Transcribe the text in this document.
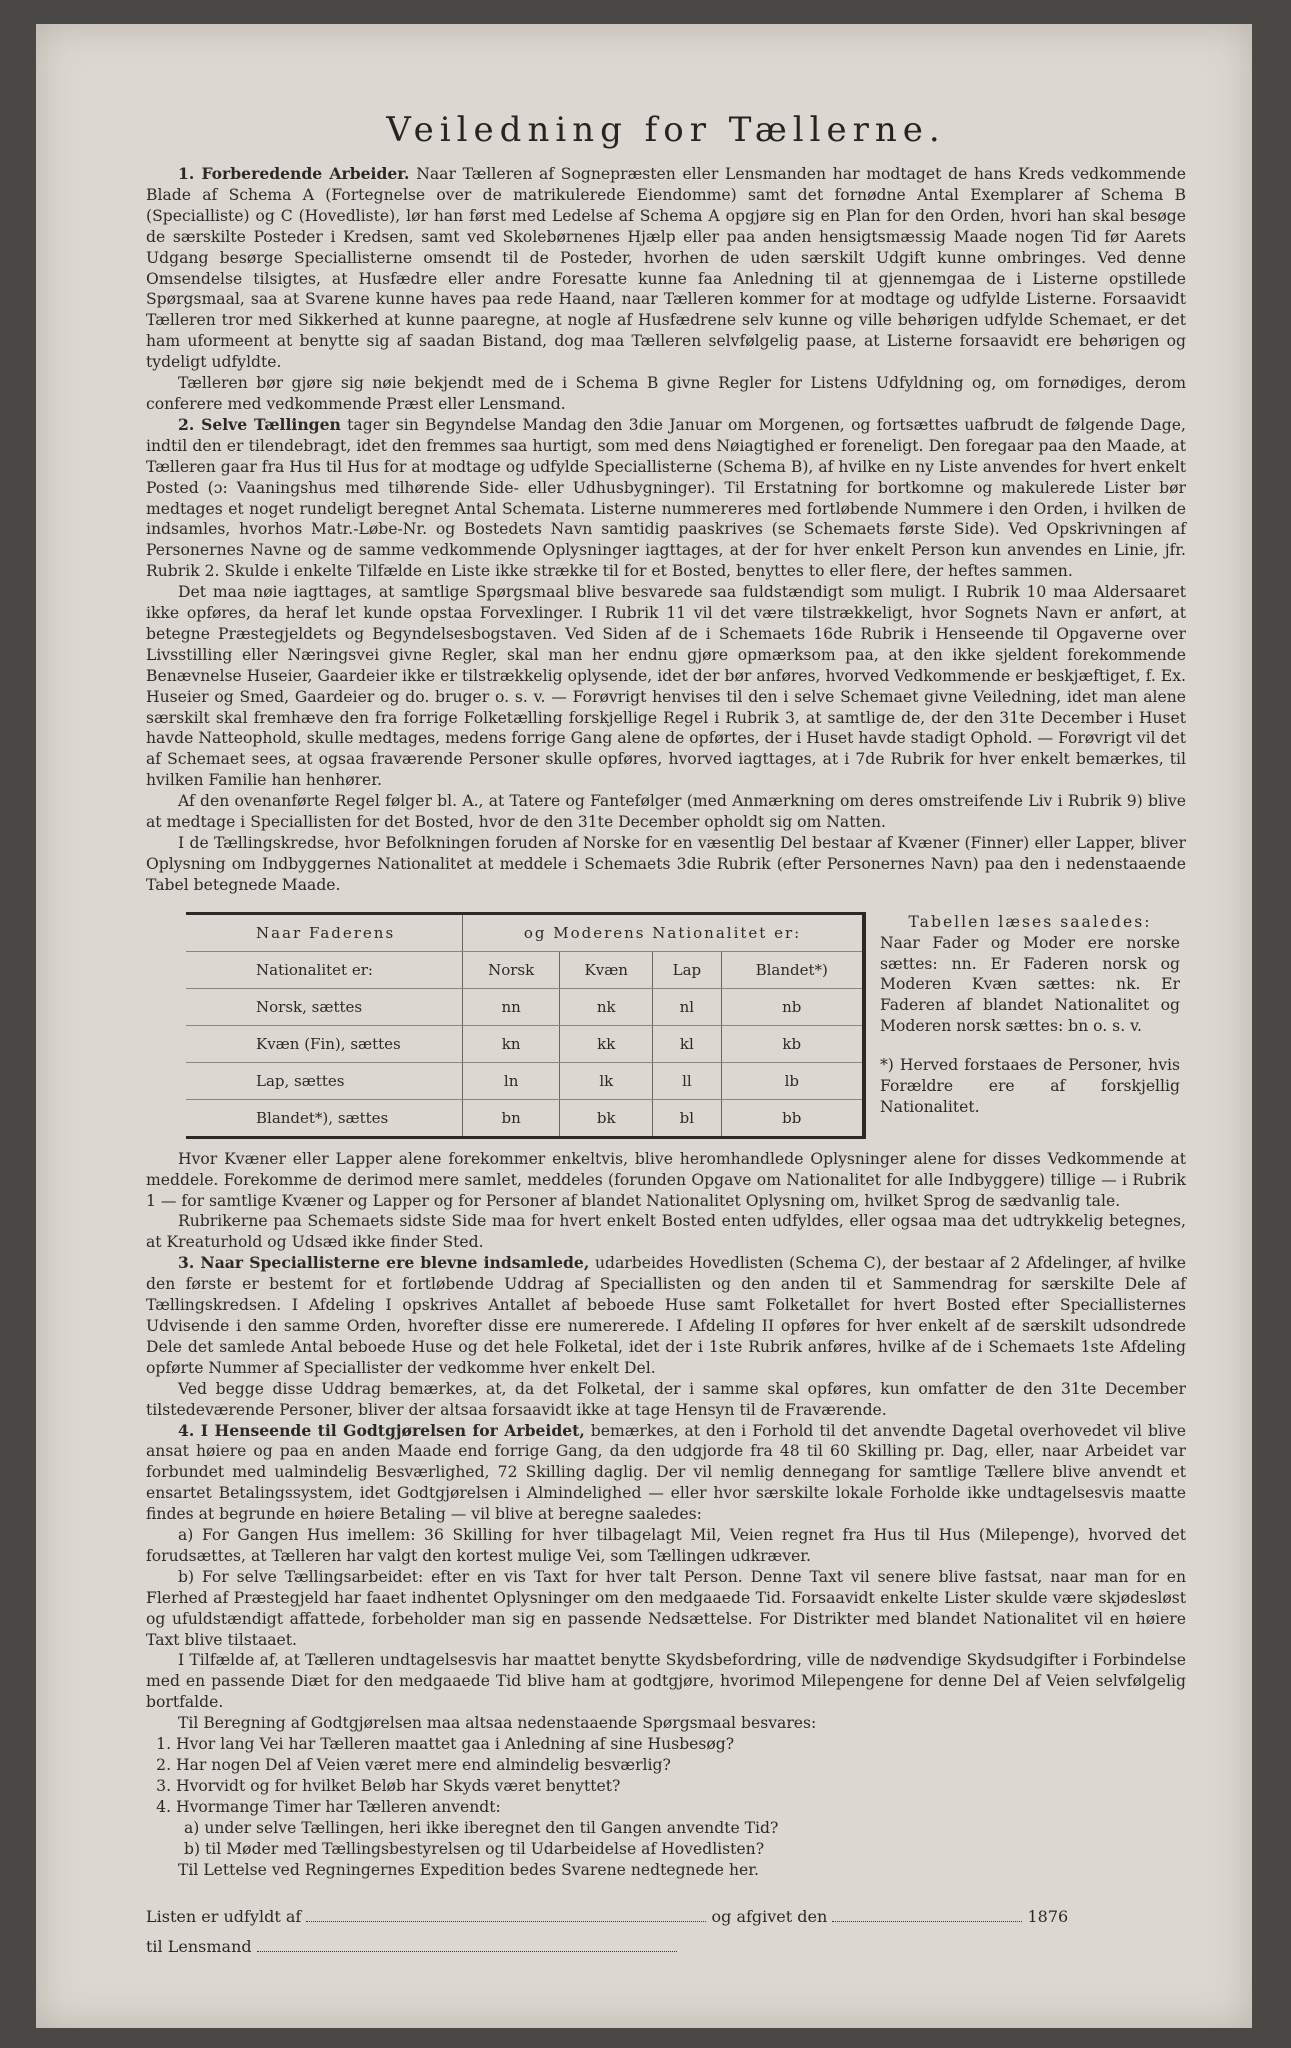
Veiledning for Tællerne.

1. Forberedende Arbeider. Naar Tælleren af Sognepræsten eller Lensmanden har modtaget de hans Kreds vedkommende Blade af Schema A (Fortegnelse over de matrikulerede Eiendomme) samt det fornødne Antal Exemplarer af Schema B (Specialliste) og C (Hovedliste), lør han først med Ledelse af Schema A opgjøre sig en Plan for den Orden, hvori han skal besøge de særskilte Posteder i Kredsen, samt ved Skolebørnenes Hjælp eller paa anden hensigtsmæssig Maade nogen Tid før Aarets Udgang besørge Speciallisterne omsendt til de Posteder, hvorhen de uden særskilt Udgift kunne ombringes. Ved denne Omsendelse tilsigtes, at Husfædre eller andre Foresatte kunne faa Anledning til at gjennemgaa de i Listerne opstillede Spørgsmaal, saa at Svarene kunne haves paa rede Haand, naar Tælleren kommer for at modtage og udfylde Listerne. Forsaavidt Tælleren tror med Sikkerhed at kunne paaregne, at nogle af Husfædrene selv kunne og ville behørigen udfylde Schemaet, er det ham uformeent at benytte sig af saadan Bistand, dog maa Tælleren selvfølgelig paase, at Listerne forsaavidt ere behørigen og tydeligt udfyldte.

Tælleren bør gjøre sig nøie bekjendt med de i Schema B givne Regler for Listens Udfyldning og, om fornødiges, derom conferere med vedkommende Præst eller Lensmand.

2. Selve Tællingen tager sin Begyndelse Mandag den 3die Januar om Morgenen, og fortsættes uafbrudt de følgende Dage, indtil den er tilendebragt, idet den fremmes saa hurtigt, som med dens Nøiagtighed er foreneligt. Den foregaar paa den Maade, at Tælleren gaar fra Hus til Hus for at modtage og udfylde Speciallisterne (Schema B), af hvilke en ny Liste anvendes for hvert enkelt Posted (ɔ: Vaaningshus med tilhørende Side- eller Udhusbygninger). Til Erstatning for bortkomne og makulerede Lister bør medtages et noget rundeligt beregnet Antal Schemata. Listerne nummereres med fortløbende Nummere i den Orden, i hvilken de indsamles, hvorhos Matr.-Løbe-Nr. og Bostedets Navn samtidig paaskrives (se Schemaets første Side). Ved Opskrivningen af Personernes Navne og de samme vedkommende Oplysninger iagttages, at der for hver enkelt Person kun anvendes en Linie, jfr. Rubrik 2. Skulde i enkelte Tilfælde en Liste ikke strække til for et Bosted, benyttes to eller flere, der heftes sammen.

Det maa nøie iagttages, at samtlige Spørgsmaal blive besvarede saa fuldstændigt som muligt. I Rubrik 10 maa Aldersaaret ikke opføres, da heraf let kunde opstaa Forvexlinger. I Rubrik 11 vil det være tilstrækkeligt, hvor Sognets Navn er anført, at betegne Præstegjeldets og Begyndelsesbogstaven. Ved Siden af de i Schemaets 16de Rubrik i Henseende til Opgaverne over Livsstilling eller Næringsvei givne Regler, skal man her endnu gjøre opmærksom paa, at den ikke sjeldent forekommende Benævnelse Huseier, Gaardeier ikke er tilstrækkelig oplysende, idet der bør anføres, hvorved Vedkommende er beskjæftiget, f. Ex. Huseier og Smed, Gaardeier og do. bruger o. s. v. — Forøvrigt henvises til den i selve Schemaet givne Veiledning, idet man alene særskilt skal fremhæve den fra forrige Folketælling forskjellige Regel i Rubrik 3, at samtlige de, der den 31te December i Huset havde Natteophold, skulle medtages, medens forrige Gang alene de opførtes, der i Huset havde stadigt Ophold. — Forøvrigt vil det af Schemaet sees, at ogsaa fraværende Personer skulle opføres, hvorved iagttages, at i 7de Rubrik for hver enkelt bemærkes, til hvilken Familie han henhører.

Af den ovenanførte Regel følger bl. A., at Tatere og Fantefølger (med Anmærkning om deres omstreifende Liv i Rubrik 9) blive at medtage i Speciallisten for det Bosted, hvor de den 31te December opholdt sig om Natten.

I de Tællingskredse, hvor Befolkningen foruden af Norske for en væsentlig Del bestaar af Kvæner (Finner) eller Lapper, bliver Oplysning om Indbyggernes Nationalitet at meddele i Schemaets 3die Rubrik (efter Personernes Navn) paa den i nedenstaaende Tabel betegnede Maade.

Naar Faderens	og Moderens Nationalitet er:			
Nationalitet er:	Norsk	Kvæn	Lap	Blandet*)
Norsk, sættes	nn	nk	nl	nb
Kvæn (Fin), sættes	kn	kk	kl	kb
Lap, sættes	ln	lk	ll	lb
Blandet*), sættes	bn	bk	bl	bb

Tabellen læses saaledes:

Naar Fader og Moder ere norske sættes: nn. Er Faderen norsk og Moderen Kvæn sættes: nk. Er Faderen af blandet Nationalitet og Moderen norsk sættes: bn o. s. v.

*) Herved forstaaes de Personer, hvis Forældre ere af forskjellig Nationalitet.

Hvor Kvæner eller Lapper alene forekommer enkeltvis, blive heromhandlede Oplysninger alene for disses Vedkommende at meddele. Forekomme de derimod mere samlet, meddeles (forunden Opgave om Nationalitet for alle Indbyggere) tillige — i Rubrik 1 — for samtlige Kvæner og Lapper og for Personer af blandet Nationalitet Oplysning om, hvilket Sprog de sædvanlig tale.

Rubrikerne paa Schemaets sidste Side maa for hvert enkelt Bosted enten udfyldes, eller ogsaa maa det udtrykkelig betegnes, at Kreaturhold og Udsæd ikke finder Sted.

3. Naar Speciallisterne ere blevne indsamlede, udarbeides Hovedlisten (Schema C), der bestaar af 2 Afdelinger, af hvilke den første er bestemt for et fortløbende Uddrag af Speciallisten og den anden til et Sammendrag for særskilte Dele af Tællingskredsen. I Afdeling I opskrives Antallet af beboede Huse samt Folketallet for hvert Bosted efter Speciallisternes Udvisende i den samme Orden, hvorefter disse ere numererede. I Afdeling II opføres for hver enkelt af de særskilt udsondrede Dele det samlede Antal beboede Huse og det hele Folketal, idet der i 1ste Rubrik anføres, hvilke af de i Schemaets 1ste Afdeling opførte Nummer af Speciallister der vedkomme hver enkelt Del.

Ved begge disse Uddrag bemærkes, at, da det Folketal, der i samme skal opføres, kun omfatter de den 31te December tilstedeværende Personer, bliver der altsaa forsaavidt ikke at tage Hensyn til de Fraværende.

4. I Henseende til Godtgjørelsen for Arbeidet, bemærkes, at den i Forhold til det anvendte Dagetal overhovedet vil blive ansat høiere og paa en anden Maade end forrige Gang, da den udgjorde fra 48 til 60 Skilling pr. Dag, eller, naar Arbeidet var forbundet med ualmindelig Besværlighed, 72 Skilling daglig. Der vil nemlig dennegang for samtlige Tællere blive anvendt et ensartet Betalingssystem, idet Godtgjørelsen i Almindelighed — eller hvor særskilte lokale Forholde ikke undtagelsesvis maatte findes at begrunde en høiere Betaling — vil blive at beregne saaledes:

a) For Gangen Hus imellem: 36 Skilling for hver tilbagelagt Mil, Veien regnet fra Hus til Hus (Milepenge), hvorved det forudsættes, at Tælleren har valgt den kortest mulige Vei, som Tællingen udkræver.

b) For selve Tællingsarbeidet: efter en vis Taxt for hver talt Person. Denne Taxt vil senere blive fastsat, naar man for en Flerhed af Præstegjeld har faaet indhentet Oplysninger om den medgaaede Tid. Forsaavidt enkelte Lister skulde være skjødesløst og ufuldstændigt affattede, forbeholder man sig en passende Nedsættelse. For Distrikter med blandet Nationalitet vil en høiere Taxt blive tilstaaet.

I Tilfælde af, at Tælleren undtagelsesvis har maattet benytte Skydsbefordring, ville de nødvendige Skydsudgifter i Forbindelse med en passende Diæt for den medgaaede Tid blive ham at godtgjøre, hvorimod Milepengene for denne Del af Veien selvfølgelig bortfalde.

Til Beregning af Godtgjørelsen maa altsaa nedenstaaende Spørgsmaal besvares:

1. Hvor lang Vei har Tælleren maattet gaa i Anledning af sine Husbesøg?
2. Har nogen Del af Veien været mere end almindelig besværlig?
3. Hvorvidt og for hvilket Beløb har Skyds været benyttet?
4. Hvormange Timer har Tælleren anvendt:
a) under selve Tællingen, heri ikke iberegnet den til Gangen anvendte Tid?
b) til Møder med Tællingsbestyrelsen og til Udarbeidelse af Hovedlisten?

Til Lettelse ved Regningernes Expedition bedes Svarene nedtegnede her.

Listen er udfyldt af	og afgivet den	1876
til Lensmand
